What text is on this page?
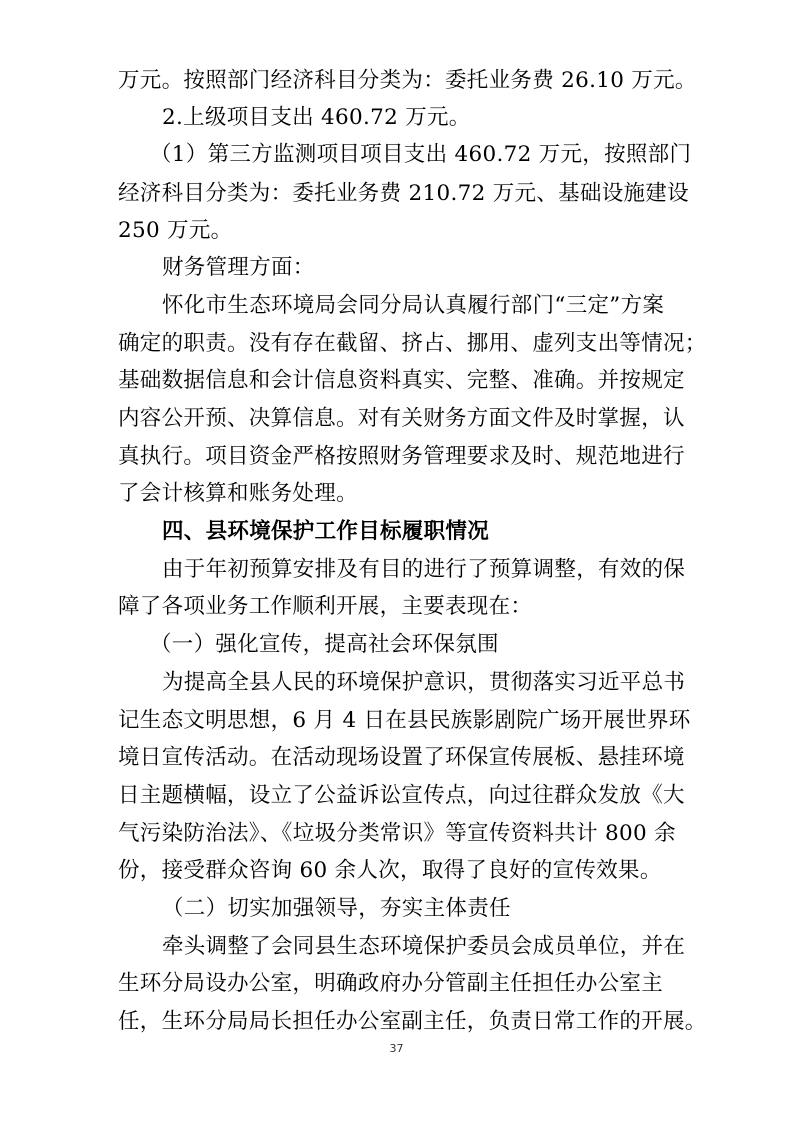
万元。按照部门经济科目分类为：委托业务费 26.10 万元。
2.上级项目支出 460.72 万元。
（1）第三方监测项目项目支出 460.72 万元，按照部门
经济科目分类为：委托业务费 210.72 万元、基础设施建设
250 万元。
财务管理方面：
怀化市生态环境局会同分局认真履行部门“三定”方案
确定的职责。没有存在截留、挤占、挪用、虚列支出等情况；
基础数据信息和会计信息资料真实、完整、准确。并按规定
内容公开预、决算信息。对有关财务方面文件及时掌握，认
真执行。项目资金严格按照财务管理要求及时、规范地进行
了会计核算和账务处理。
四、县环境保护工作目标履职情况
由于年初预算安排及有目的进行了预算调整，有效的保
障了各项业务工作顺利开展，主要表现在：
（一）强化宣传，提高社会环保氛围
为提高全县人民的环境保护意识，贯彻落实习近平总书
记生态文明思想，6 月 4 日在县民族影剧院广场开展世界环
境日宣传活动。在活动现场设置了环保宣传展板、悬挂环境
日主题横幅，设立了公益诉讼宣传点，向过往群众发放《大
气污染防治法》、《垃圾分类常识》等宣传资料共计 800 余
份，接受群众咨询 60 余人次，取得了良好的宣传效果。
（二）切实加强领导，夯实主体责任
牵头调整了会同县生态环境保护委员会成员单位，并在
生环分局设办公室，明确政府办分管副主任担任办公室主
任，生环分局局长担任办公室副主任，负责日常工作的开展。
37
